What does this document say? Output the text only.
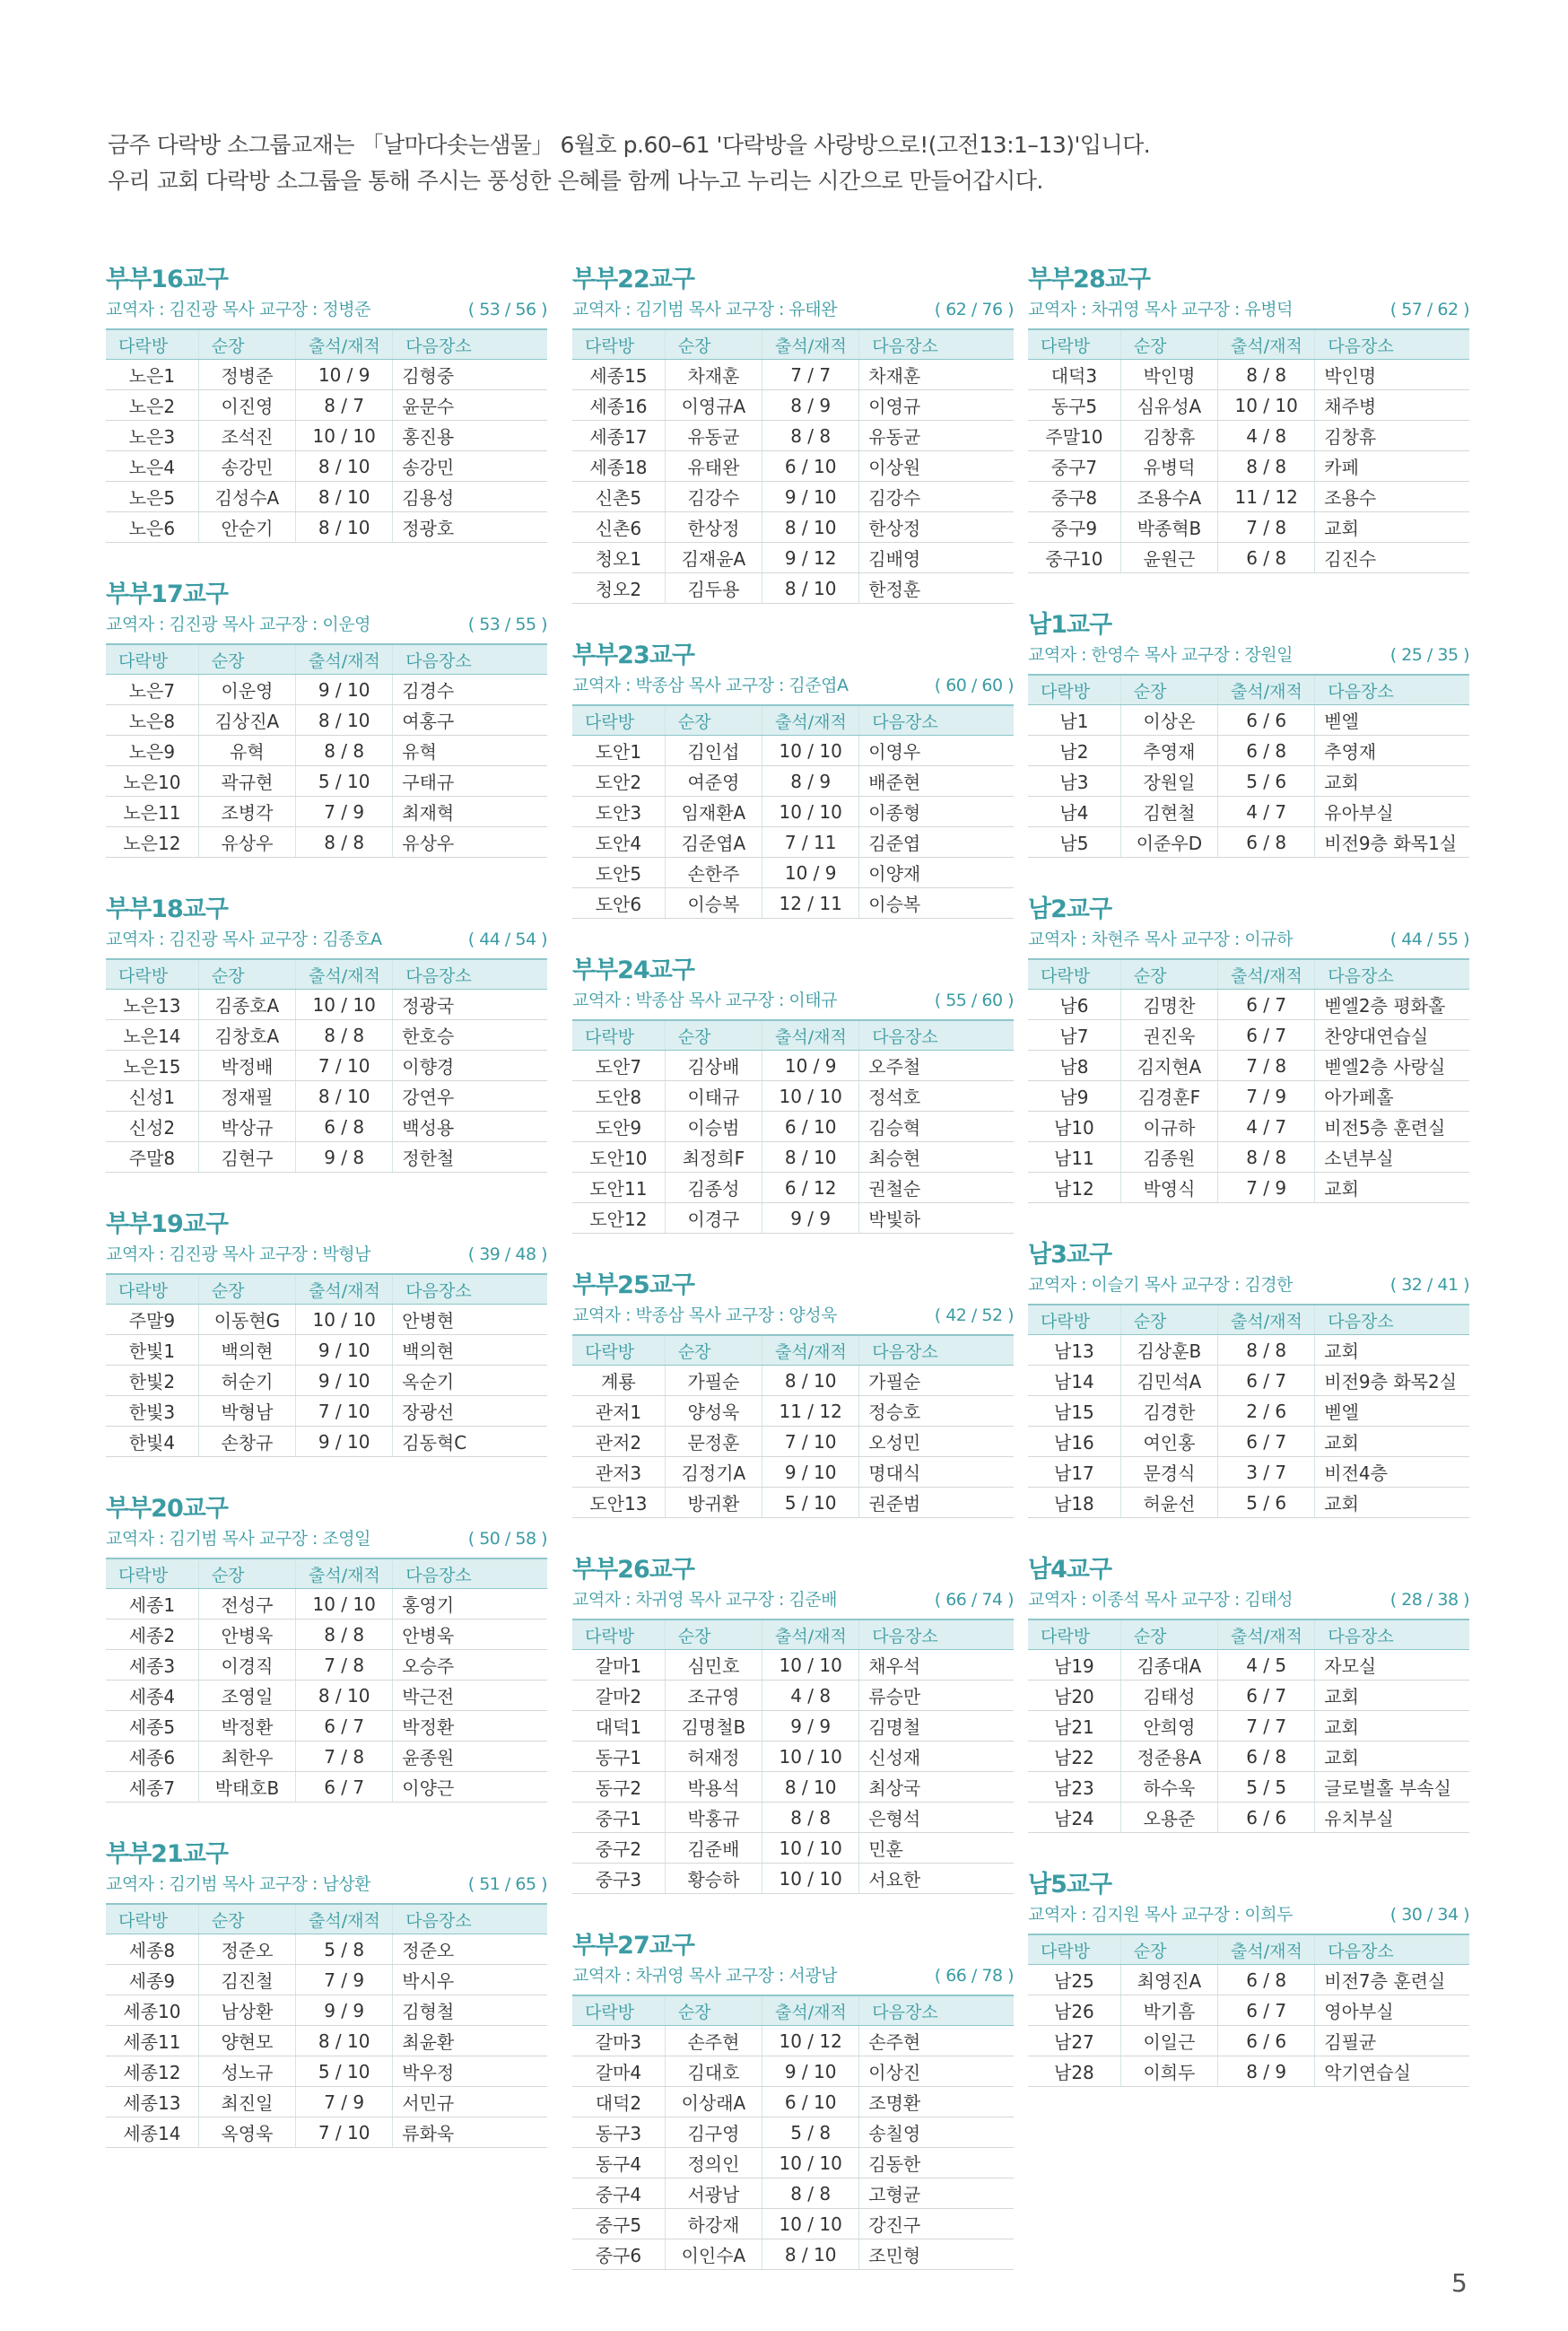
금주 다락방 소그룹교재는 「날마다솟는샘물」 6월호 p.60–61 '다락방을 사랑방으로!(고전13:1–13)'입니다.
우리 교회 다락방 소그룹을 통해 주시는 풍성한 은혜를 함께 나누고 누리는 시간으로 만들어갑시다.
부부16교구
교역자 : 김진광 목사 교구장 : 정병준	( 53 / 56 )
다락방	순장	출석/재적	다음장소
노은1	정병준	10 / 9	김형중
노은2	이진영	8 / 7	윤문수
노은3	조석진	10 / 10	홍진용
노은4	송강민	8 / 10	송강민
노은5	김성수A	8 / 10	김용성
노은6	안순기	8 / 10	정광호
부부17교구
교역자 : 김진광 목사 교구장 : 이운영	( 53 / 55 )
다락방	순장	출석/재적	다음장소
노은7	이운영	9 / 10	김경수
노은8	김상진A	8 / 10	여홍구
노은9	유혁	8 / 8	유혁
노은10	곽규현	5 / 10	구태규
노은11	조병각	7 / 9	최재혁
노은12	유상우	8 / 8	유상우
부부18교구
교역자 : 김진광 목사 교구장 : 김종호A	( 44 / 54 )
다락방	순장	출석/재적	다음장소
노은13	김종호A	10 / 10	정광국
노은14	김창호A	8 / 8	한호승
노은15	박정배	7 / 10	이향경
신성1	정재필	8 / 10	강연우
신성2	박상규	6 / 8	백성용
주말8	김현구	9 / 8	정한철
부부19교구
교역자 : 김진광 목사 교구장 : 박형남	( 39 / 48 )
다락방	순장	출석/재적	다음장소
주말9	이동현G	10 / 10	안병현
한빛1	백의현	9 / 10	백의현
한빛2	허순기	9 / 10	옥순기
한빛3	박형남	7 / 10	장광선
한빛4	손창규	9 / 10	김동혁C
부부20교구
교역자 : 김기범 목사 교구장 : 조영일	( 50 / 58 )
다락방	순장	출석/재적	다음장소
세종1	전성구	10 / 10	홍영기
세종2	안병욱	8 / 8	안병욱
세종3	이경직	7 / 8	오승주
세종4	조영일	8 / 10	박근전
세종5	박정환	6 / 7	박정환
세종6	최한우	7 / 8	윤종원
세종7	박태호B	6 / 7	이양근
부부21교구
교역자 : 김기범 목사 교구장 : 남상환	( 51 / 65 )
다락방	순장	출석/재적	다음장소
세종8	정준오	5 / 8	정준오
세종9	김진철	7 / 9	박시우
세종10	남상환	9 / 9	김형철
세종11	양현모	8 / 10	최윤환
세종12	성노규	5 / 10	박우정
세종13	최진일	7 / 9	서민규
세종14	옥영욱	7 / 10	류화욱
부부22교구
교역자 : 김기범 목사 교구장 : 유태완	( 62 / 76 )
다락방	순장	출석/재적	다음장소
세종15	차재훈	7 / 7	차재훈
세종16	이영규A	8 / 9	이영규
세종17	유동균	8 / 8	유동균
세종18	유태완	6 / 10	이상원
신촌5	김강수	9 / 10	김강수
신촌6	한상정	8 / 10	한상정
청오1	김재윤A	9 / 12	김배영
청오2	김두용	8 / 10	한정훈
부부23교구
교역자 : 박종삼 목사 교구장 : 김준엽A	( 60 / 60 )
다락방	순장	출석/재적	다음장소
도안1	김인섭	10 / 10	이영우
도안2	여준영	8 / 9	배준현
도안3	임재환A	10 / 10	이종형
도안4	김준엽A	7 / 11	김준엽
도안5	손한주	10 / 9	이양재
도안6	이승복	12 / 11	이승복
부부24교구
교역자 : 박종삼 목사 교구장 : 이태규	( 55 / 60 )
다락방	순장	출석/재적	다음장소
도안7	김상배	10 / 9	오주철
도안8	이태규	10 / 10	정석호
도안9	이승범	6 / 10	김승혁
도안10	최정희F	8 / 10	최승현
도안11	김종성	6 / 12	권철순
도안12	이경구	9 / 9	박빛하
부부25교구
교역자 : 박종삼 목사 교구장 : 양성욱	( 42 / 52 )
다락방	순장	출석/재적	다음장소
계룡	가필순	8 / 10	가필순
관저1	양성욱	11 / 12	정승호
관저2	문정훈	7 / 10	오성민
관저3	김정기A	9 / 10	명대식
도안13	방귀환	5 / 10	권준범
부부26교구
교역자 : 차귀영 목사 교구장 : 김준배	( 66 / 74 )
다락방	순장	출석/재적	다음장소
갈마1	심민호	10 / 10	채우석
갈마2	조규영	4 / 8	류승만
대덕1	김명철B	9 / 9	김명철
동구1	허재정	10 / 10	신성재
동구2	박용석	8 / 10	최상국
중구1	박홍규	8 / 8	은형석
중구2	김준배	10 / 10	민훈
중구3	황승하	10 / 10	서요한
부부27교구
교역자 : 차귀영 목사 교구장 : 서광남	( 66 / 78 )
다락방	순장	출석/재적	다음장소
갈마3	손주현	10 / 12	손주현
갈마4	김대호	9 / 10	이상진
대덕2	이상래A	6 / 10	조명환
동구3	김구영	5 / 8	송칠영
동구4	정의인	10 / 10	김동한
중구4	서광남	8 / 8	고형균
중구5	하강재	10 / 10	강진구
중구6	이인수A	8 / 10	조민형
부부28교구
교역자 : 차귀영 목사 교구장 : 유병덕	( 57 / 62 )
다락방	순장	출석/재적	다음장소
대덕3	박인명	8 / 8	박인명
동구5	심유성A	10 / 10	채주병
주말10	김창휴	4 / 8	김창휴
중구7	유병덕	8 / 8	카페
중구8	조용수A	11 / 12	조용수
중구9	박종혁B	7 / 8	교회
중구10	윤원근	6 / 8	김진수
남1교구
교역자 : 한영수 목사 교구장 : 장원일	( 25 / 35 )
다락방	순장	출석/재적	다음장소
남1	이상온	6 / 6	벧엘
남2	추영재	6 / 8	추영재
남3	장원일	5 / 6	교회
남4	김현철	4 / 7	유아부실
남5	이준우D	6 / 8	비전9층 화목1실
남2교구
교역자 : 차현주 목사 교구장 : 이규하	( 44 / 55 )
다락방	순장	출석/재적	다음장소
남6	김명찬	6 / 7	벧엘2층 평화홀
남7	권진욱	6 / 7	찬양대연습실
남8	김지현A	7 / 8	벧엘2층 사랑실
남9	김경훈F	7 / 9	아가페홀
남10	이규하	4 / 7	비전5층 훈련실
남11	김종원	8 / 8	소년부실
남12	박영식	7 / 9	교회
남3교구
교역자 : 이슬기 목사 교구장 : 김경한	( 32 / 41 )
다락방	순장	출석/재적	다음장소
남13	김상훈B	8 / 8	교회
남14	김민석A	6 / 7	비전9층 화목2실
남15	김경한	2 / 6	벧엘
남16	여인홍	6 / 7	교회
남17	문경식	3 / 7	비전4층
남18	허윤선	5 / 6	교회
남4교구
교역자 : 이종석 목사 교구장 : 김태성	( 28 / 38 )
다락방	순장	출석/재적	다음장소
남19	김종대A	4 / 5	자모실
남20	김태성	6 / 7	교회
남21	안희영	7 / 7	교회
남22	정준용A	6 / 8	교회
남23	하수욱	5 / 5	글로벌홀 부속실
남24	오용준	6 / 6	유치부실
남5교구
교역자 : 김지원 목사 교구장 : 이희두	( 30 / 34 )
다락방	순장	출석/재적	다음장소
남25	최영진A	6 / 8	비전7층 훈련실
남26	박기흠	6 / 7	영아부실
남27	이일근	6 / 6	김필균
남28	이희두	8 / 9	악기연습실
5
